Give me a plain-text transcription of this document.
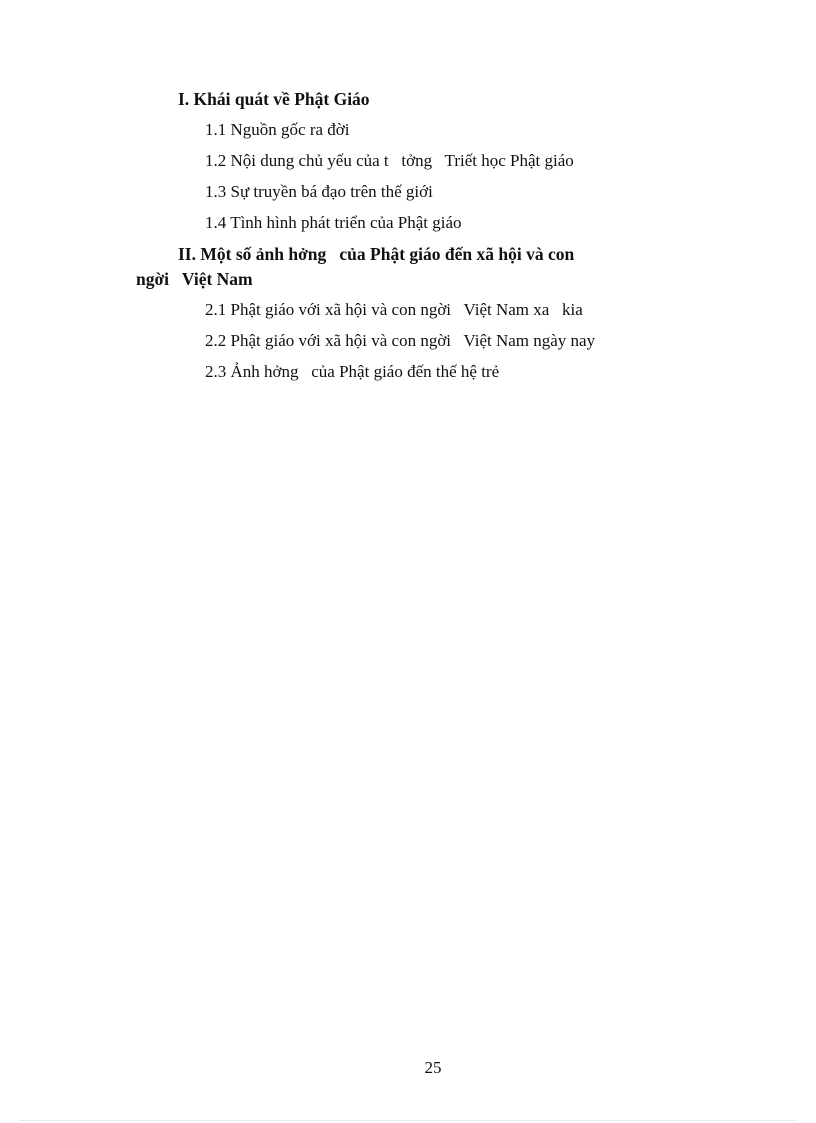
I. Khái quát về Phật Giáo
1.1 Nguồn gốc ra đời
1.2 Nội dung chủ yếu của t   tởng   Triết học Phật giáo
1.3 Sự truyền bá đạo trên thế giới
1.4 Tình hình phát triển của Phật giáo
II. Một số ảnh hởng   của Phật giáo đến xã hội và con
ngời   Việt Nam
2.1 Phật giáo với xã hội và con ngời   Việt Nam xa   kia
2.2 Phật giáo với xã hội và con ngời   Việt Nam ngày nay
2.3 Ảnh hởng   của Phật giáo đến thế hệ trẻ
25
